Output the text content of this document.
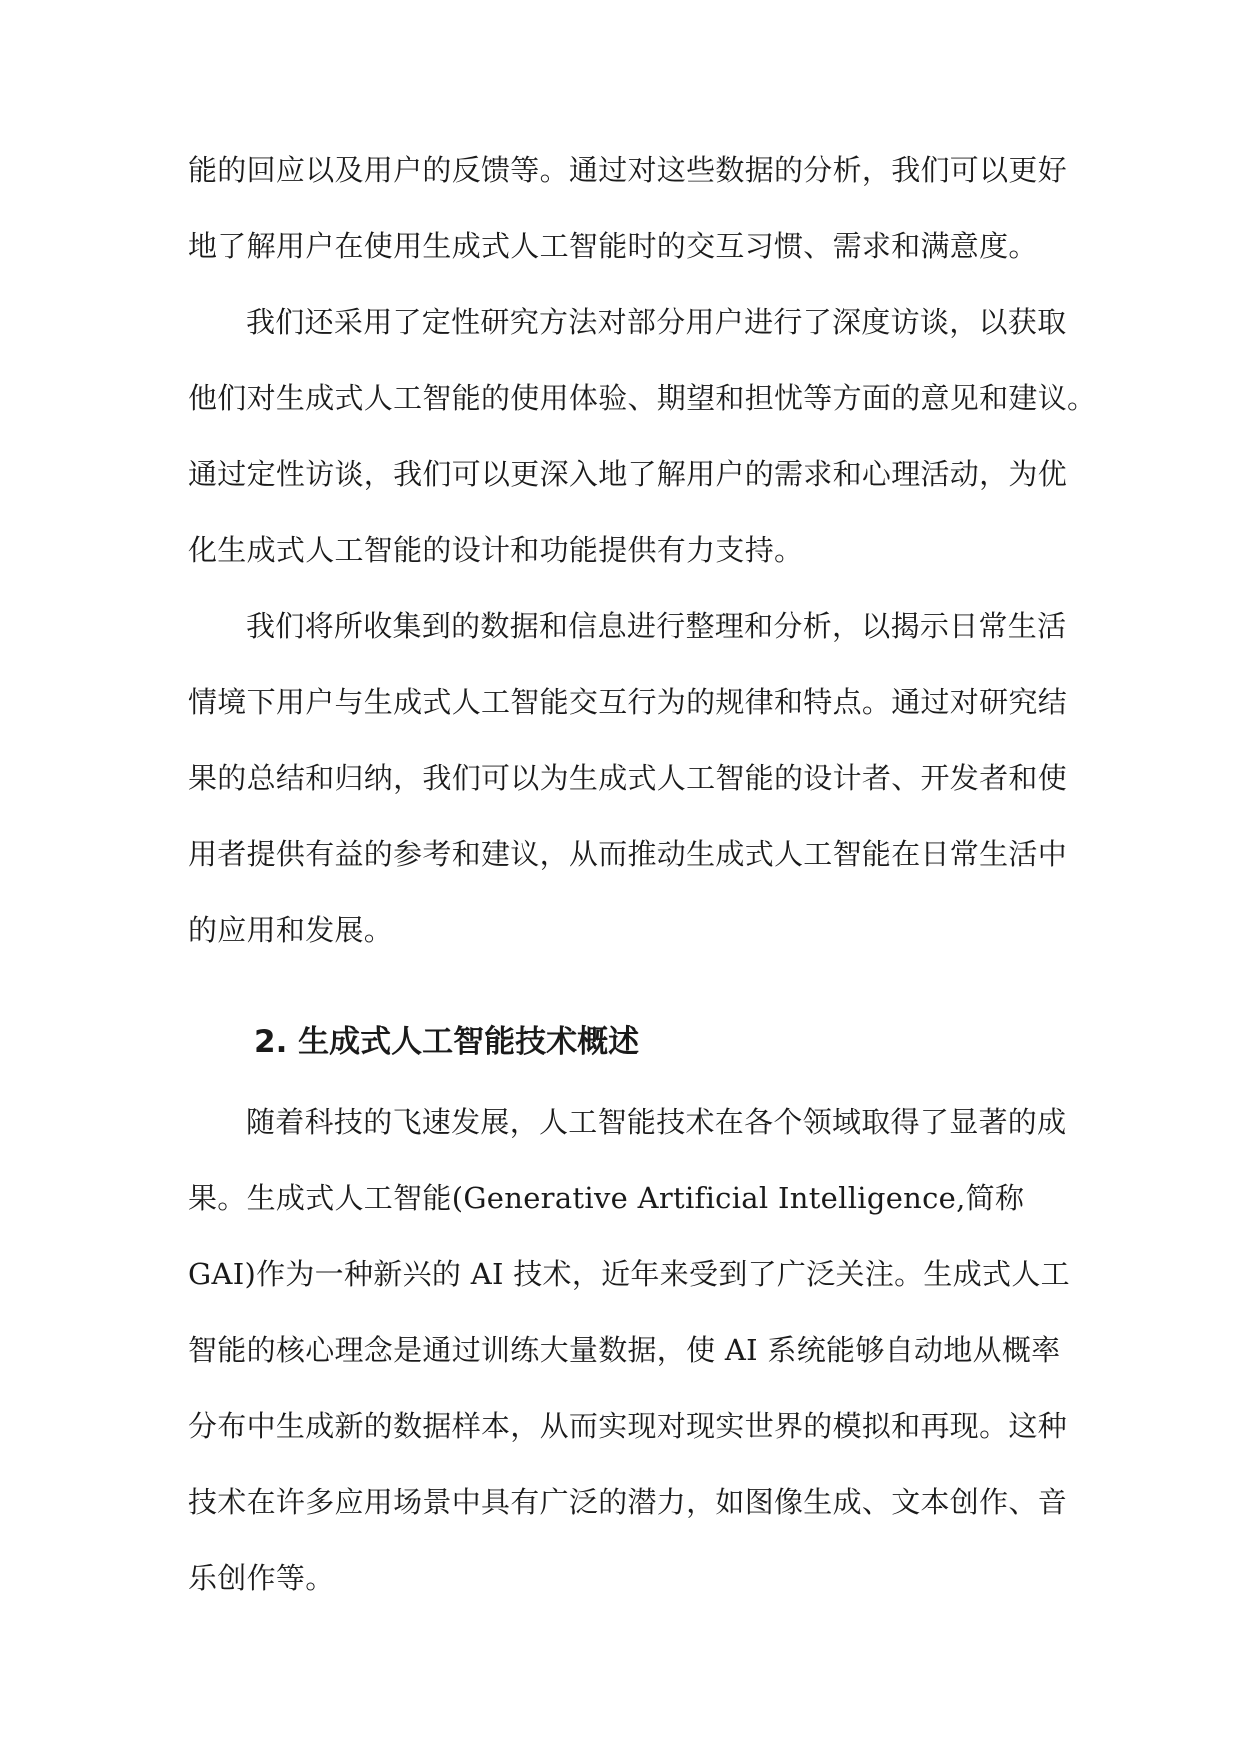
能的回应以及用户的反馈等。通过对这些数据的分析，我们可以更好
地了解用户在使用生成式人工智能时的交互习惯、需求和满意度。
我们还采用了定性研究方法对部分用户进行了深度访谈，以获取
他们对生成式人工智能的使用体验、期望和担忧等方面的意见和建议。
通过定性访谈，我们可以更深入地了解用户的需求和心理活动，为优
化生成式人工智能的设计和功能提供有力支持。
我们将所收集到的数据和信息进行整理和分析，以揭示日常生活
情境下用户与生成式人工智能交互行为的规律和特点。通过对研究结
果的总结和归纳，我们可以为生成式人工智能的设计者、开发者和使
用者提供有益的参考和建议，从而推动生成式人工智能在日常生活中
的应用和发展。
2. 生成式人工智能技术概述
随着科技的飞速发展，人工智能技术在各个领域取得了显著的成
果。生成式人工智能(Generative Artificial Intelligence,简称
GAI)作为一种新兴的 AI 技术，近年来受到了广泛关注。生成式人工
智能的核心理念是通过训练大量数据，使 AI 系统能够自动地从概率
分布中生成新的数据样本，从而实现对现实世界的模拟和再现。这种
技术在许多应用场景中具有广泛的潜力，如图像生成、文本创作、音
乐创作等。
